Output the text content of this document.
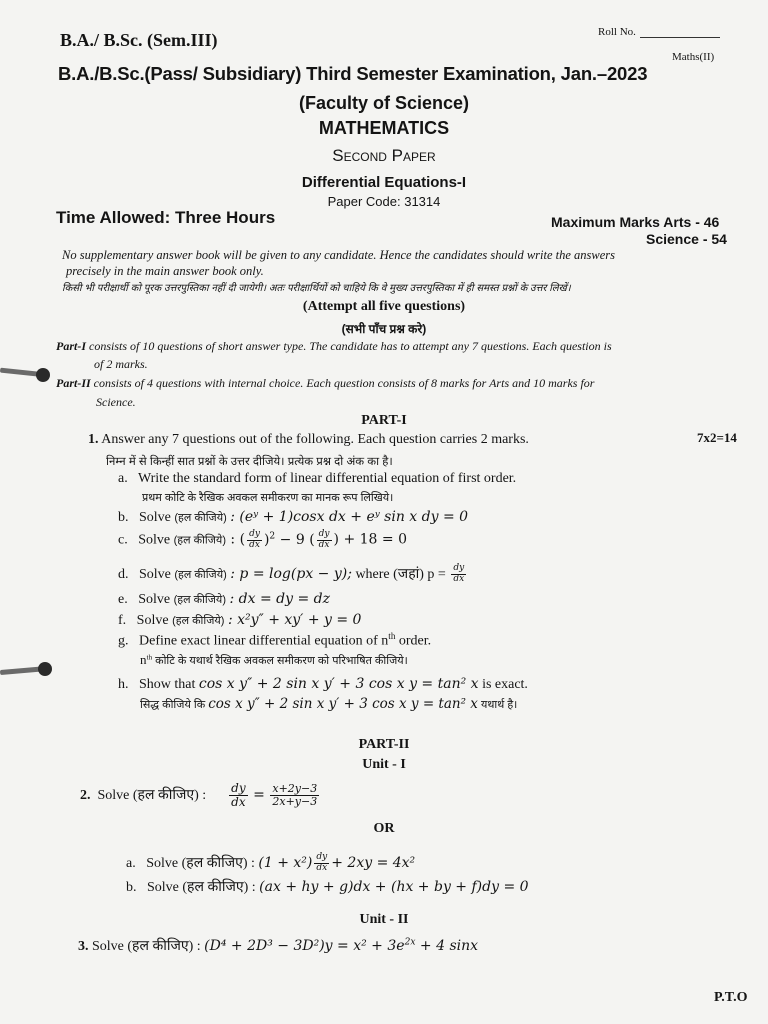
Roll No.
B.A./ B.Sc. (Sem.III)
Maths(II)
B.A./B.Sc.(Pass/ Subsidiary) Third Semester Examination, Jan.–2023
(Faculty of Science)
MATHEMATICS
Second Paper
Differential Equations-I
Paper Code: 31314
Time Allowed: Three Hours	Maximum Marks Arts - 46
Science - 54
No supplementary answer book will be given to any candidate. Hence the candidates should write the answers
precisely in the main answer book only.
किसी भी परीक्षार्थी को पूरक उत्तरपुस्तिका नहीं दी जायेगी। अतः परीक्षार्थियों को चाहिये कि वे मुख्य उत्तरपुस्तिका में ही समस्त प्रश्नों के उत्तर लिखें।
(Attempt all five questions)
(सभी पाँच प्रश्न करे)
Part-I consists of 10 questions of short answer type. The candidate has to attempt any 7 questions. Each question is
of 2 marks.
Part-II consists of 4 questions with internal choice. Each question consists of 8 marks for Arts and 10 marks for
Science.
PART-I
1. Answer any 7 questions out of the following. Each question carries 2 marks.	7x2=14
निम्न में से किन्हीं सात प्रश्नों के उत्तर दीजिये। प्रत्येक प्रश्न दो अंक का है।
a. Write the standard form of linear differential equation of first order.
प्रथम कोटि के रैखिक अवकल समीकरण का मानक रूप लिखिये।
b. Solve (हल कीजिये) : (eʸ + 1)cosx dx + eʸ sin x dy = 0
c. Solve (हल कीजिये) : ( $\frac{dy}{dx} )^2 - 9$ ( $\frac{dy}{dx}$ ) + 18 = 0
d. Solve (हल कीजिये) : p = log(px − y); where (जहां) $p = \frac{dy}{dx}$
e. Solve (हल कीजिये) : dx = dy = dz
f. Solve (हल कीजिये) : x²y″ + xy′ + y = 0
g. Define exact linear differential equation of $n^{th}$ order.
$n^{th}$ कोटि के यथार्थ रैखिक अवकल समीकरण को परिभाषित कीजिये।
h. Show that cos x y″ + 2 sin x y′ + 3 cos x y = tan² x is exact.
सिद्ध कीजिये कि cos x y″ + 2 sin x y′ + 3 cos x y = tan² x यथार्थ है।
PART-II
Unit - I
2. Solve (हल कीजिए) : $\frac{dy}{dx} = \frac{x+2y-3}{2x+y-3}$
OR
a. Solve (हल कीजिए) : $(1 + x^2) \frac{dy}{dx} + 2xy = 4x^2$
b. Solve (हल कीजिए) : (ax + hy + g)dx + (hx + by + f)dy = 0
Unit - II
3. Solve (हल कीजिए) : $(D^4 + 2D^3 - 3D^2)y = x^2 + 3e^{2x} + 4$ sinx
P.T.O
